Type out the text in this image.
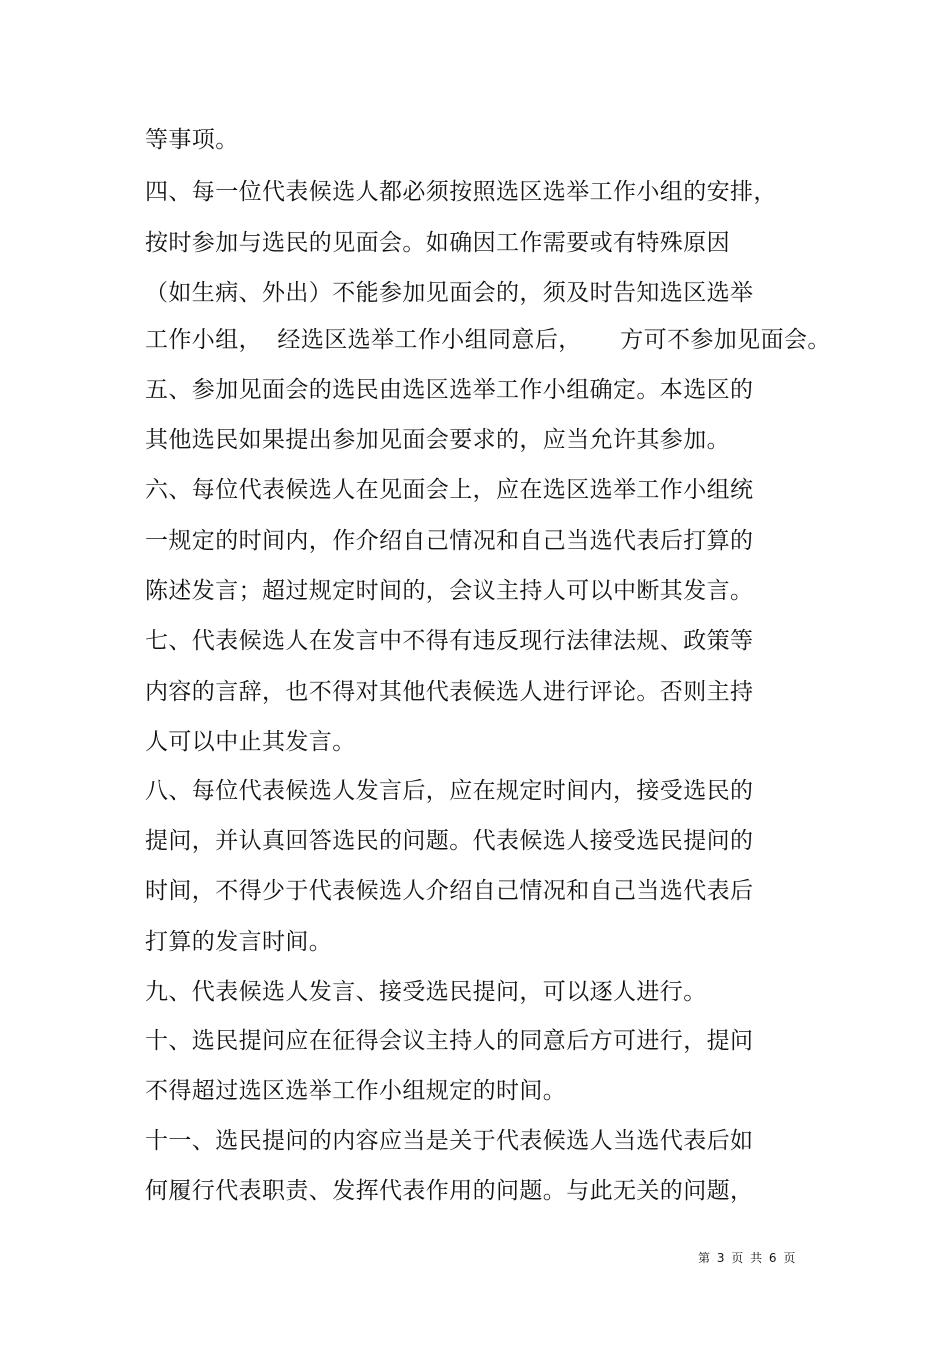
等事项。
四、每一位代表候选人都必须按照选区选举工作小组的安排，
按时参加与选民的见面会。如确因工作需要或有特殊原因
（如生病、外出）不能参加见面会的，须及时告知选区选举
工作小组，  经选区选举工作小组同意后，     方可不参加见面会。
五、参加见面会的选民由选区选举工作小组确定。本选区的
其他选民如果提出参加见面会要求的，应当允许其参加。
六、每位代表候选人在见面会上，应在选区选举工作小组统
一规定的时间内，作介绍自己情况和自己当选代表后打算的
陈述发言；超过规定时间的，会议主持人可以中断其发言。
七、代表候选人在发言中不得有违反现行法律法规、政策等
内容的言辞，也不得对其他代表候选人进行评论。否则主持
人可以中止其发言。
八、每位代表候选人发言后，应在规定时间内，接受选民的
提问，并认真回答选民的问题。代表候选人接受选民提问的
时间，不得少于代表候选人介绍自己情况和自己当选代表后
打算的发言时间。
九、代表候选人发言、接受选民提问，可以逐人进行。
十、选民提问应在征得会议主持人的同意后方可进行，提问
不得超过选区选举工作小组规定的时间。
十一、选民提问的内容应当是关于代表候选人当选代表后如
何履行代表职责、发挥代表作用的问题。与此无关的问题，
第 3 页 共 6 页
